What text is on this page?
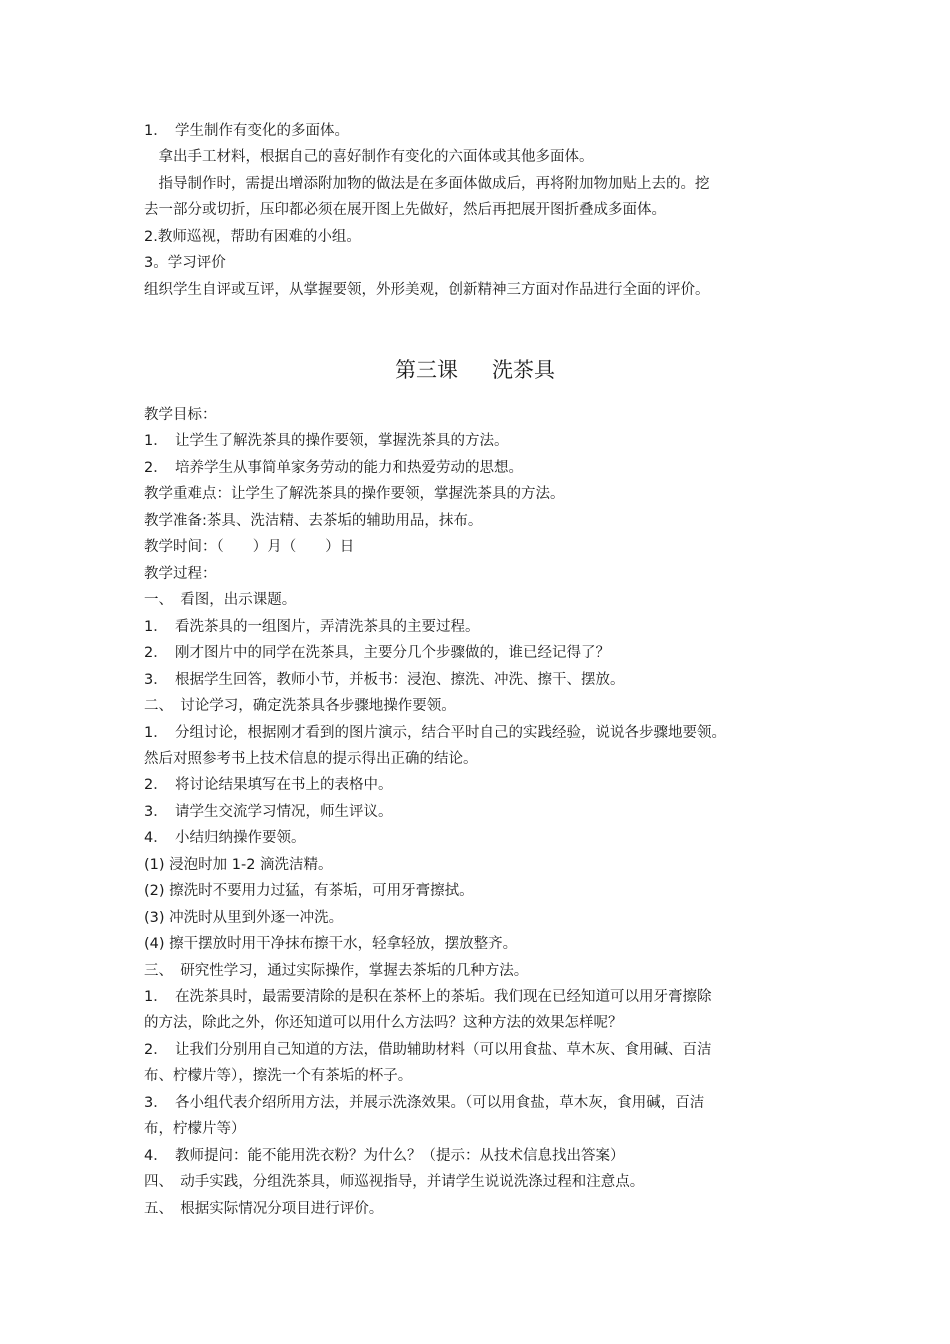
1．　学生制作有变化的多面体。
　拿出手工材料，根据自己的喜好制作有变化的六面体或其他多面体。
　指导制作时，需提出增添附加物的做法是在多面体做成后，再将附加物加贴上去的。挖
去一部分或切折，压印都必须在展开图上先做好，然后再把展开图折叠成多面体。
2.教师巡视，帮助有困难的小组。
3。学习评价
组织学生自评或互评，从掌握要领，外形美观，创新精神三方面对作品进行全面的评价。
第三课 洗茶具
教学目标：
1．　让学生了解洗茶具的操作要领，掌握洗茶具的方法。
2．　培养学生从事简单家务劳动的能力和热爱劳动的思想。
教学重难点：让学生了解洗茶具的操作要领，掌握洗茶具的方法。
教学准备:茶具、洗洁精、去茶垢的辅助用品，抹布。
教学时间：（　　）月（　　）日
教学过程：
一、　看图，出示课题。
1．　看洗茶具的一组图片，弄清洗茶具的主要过程。
2．　刚才图片中的同学在洗茶具，主要分几个步骤做的，谁已经记得了？
3．　根据学生回答，教师小节，并板书：浸泡、擦洗、冲洗、擦干、摆放。
二、　讨论学习，确定洗茶具各步骤地操作要领。
1．　分组讨论，根据刚才看到的图片演示，结合平时自己的实践经验，说说各步骤地要领。
然后对照参考书上技术信息的提示得出正确的结论。
2．　将讨论结果填写在书上的表格中。
3．　请学生交流学习情况，师生评议。
4．　小结归纳操作要领。
(1) 浸泡时加 1-2 滴洗洁精。
(2) 擦洗时不要用力过猛，有茶垢，可用牙膏擦拭。
(3) 冲洗时从里到外逐一冲洗。
(4) 擦干摆放时用干净抹布擦干水，轻拿轻放，摆放整齐。
三、　研究性学习，通过实际操作，掌握去茶垢的几种方法。
1．　在洗茶具时，最需要清除的是积在茶杯上的茶垢。我们现在已经知道可以用牙膏擦除
的方法，除此之外，你还知道可以用什么方法吗？这种方法的效果怎样呢？
2．　让我们分别用自己知道的方法，借助辅助材料（可以用食盐、草木灰、食用碱、百洁
布、柠檬片等），擦洗一个有茶垢的杯子。
3．　各小组代表介绍所用方法，并展示洗涤效果。（可以用食盐，草木灰，食用碱，百洁
布，柠檬片等）
4．　教师提问：能不能用洗衣粉？为什么？（提示：从技术信息找出答案）
四、　动手实践，分组洗茶具，师巡视指导，并请学生说说洗涤过程和注意点。
五、　根据实际情况分项目进行评价。
